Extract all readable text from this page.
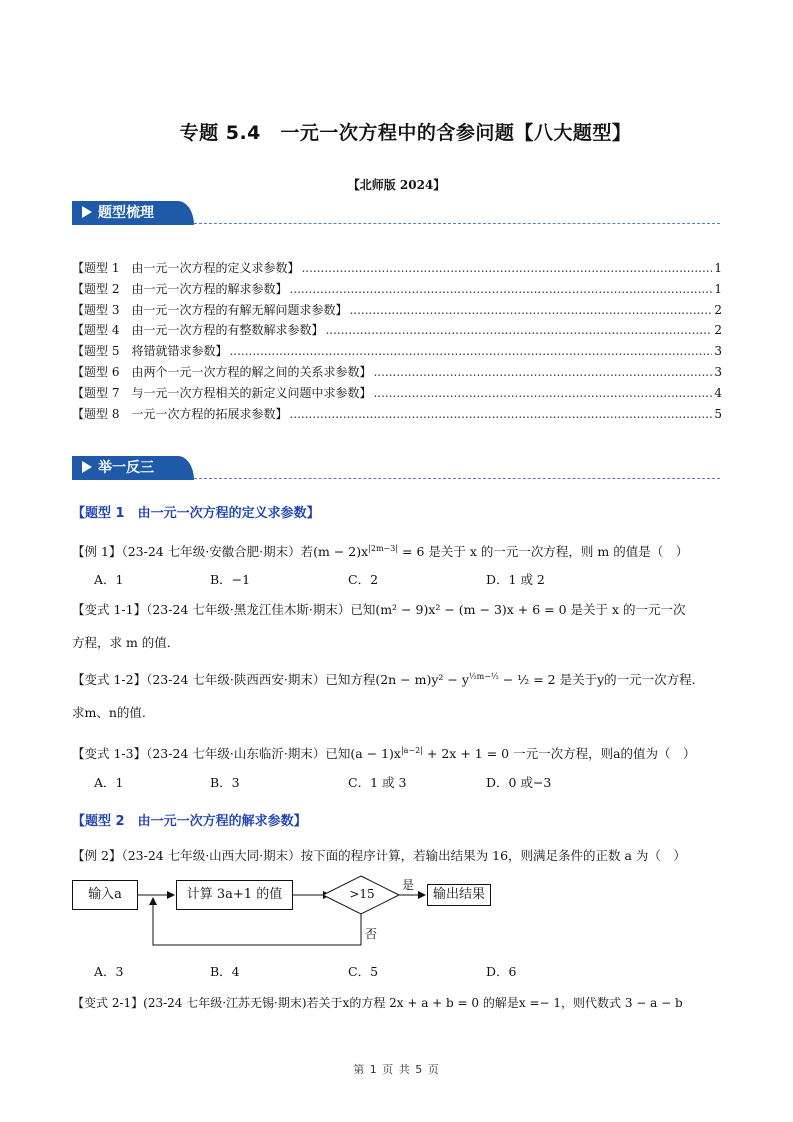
专题 5.4　一元一次方程中的含参问题【八大题型】
【北师版 2024】
题型梳理
【题型 1　由一元一次方程的定义求参数】 .....	1
【题型 2　由一元一次方程的解求参数】 .....	1
【题型 3　由一元一次方程的有解无解问题求参数】 .....	2
【题型 4　由一元一次方程的有整数解求参数】 .....	2
【题型 5　将错就错求参数】 .....	3
【题型 6　由两个一元一次方程的解之间的关系求参数】 .....	3
【题型 7　与一元一次方程相关的新定义问题中求参数】 .....	4
【题型 8　一元一次方程的拓展求参数】 .....	5
举一反三
【题型 1　由一元一次方程的定义求参数】
【例 1】（23-24 七年级·安徽合肥·期末）若$(m - 2)x^{|2m-3|} = 6$ 是关于 x 的一元一次方程，则 m 的值是（　）
A．1	B．−1	C．2	D．1 或 2
【变式 1-1】（23-24 七年级·黑龙江佳木斯·期末）已知(m² − 9)x² − (m − 3)x + 6 = 0 是关于 x 的一元一次
方程，求 m 的值．
【变式 1-2】（23-24 七年级·陕西西安·期末）已知方程$(2n - m)y^2 - y^{\frac{1}{2}m-\frac{1}{2}}$ − ½ = 2 是关于y的一元一次方程.
求m、n的值.
【变式 1-3】（23-24 七年级·山东临沂·期末）已知$(a - 1)x^{|a-2|} + 2x + 1 = 0$ 一元一次方程，则a的值为（　）
A．1	B．3	C．1 或 3	D．0 或−3
【题型 2　由一元一次方程的解求参数】
【例 2】（23-24 七年级·山西大同·期末）按下面的程序计算，若输出结果为 16，则满足条件的正数 a 为（　）
输入a	计算 3a+1 的值	>15
是
否
输出结果
A．3	B．4	C．5	D．6
【变式 2-1】(23-24 七年级·江苏无锡·期末)若关于x的方程 2x + a + b = 0 的解是x =− 1，则代数式 3 − a − b
第 1 页 共 5 页
